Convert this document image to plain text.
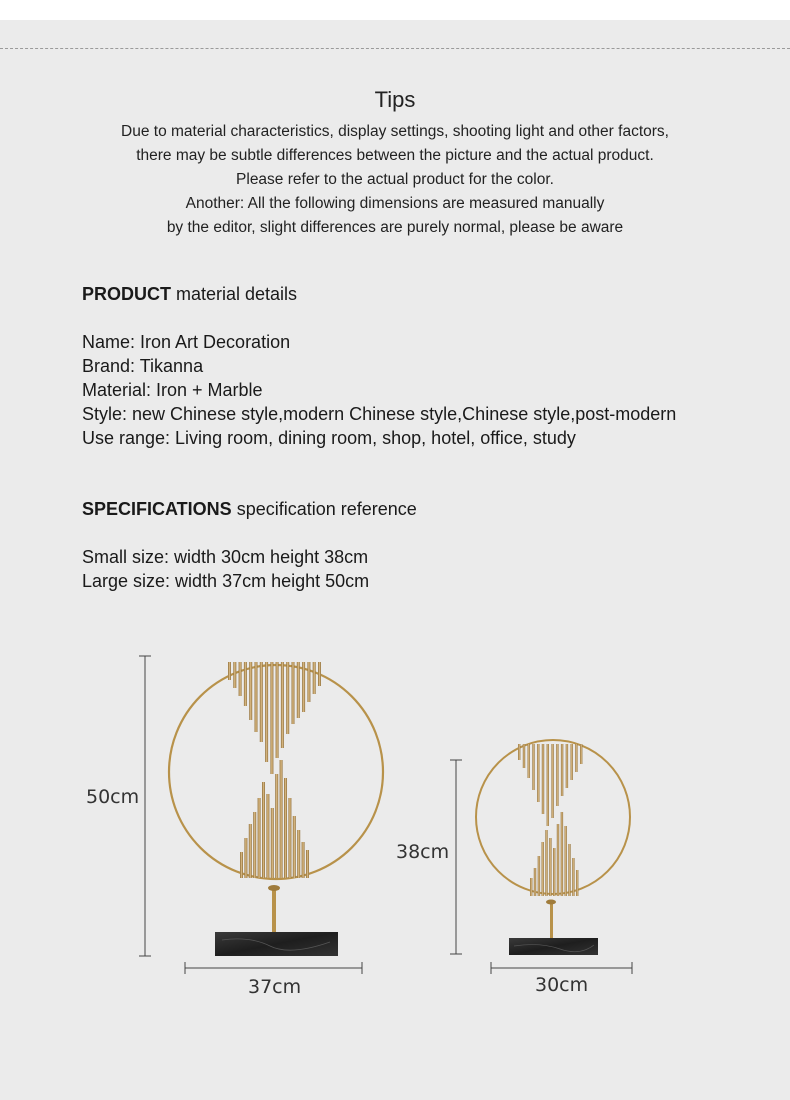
Tips
Due to material characteristics, display settings, shooting light and other factors,
there may be subtle differences between the picture and the actual product.
Please refer to the actual product for the color.
Another: All the following dimensions are measured manually
by the editor, slight differences are purely normal, please be aware
PRODUCT material details
Name: Iron Art Decoration
Brand: Tikanna
Material: Iron + Marble
Style: new Chinese style,modern Chinese style,Chinese style,post-modern
Use range: Living room, dining room, shop, hotel, office, study
SPECIFICATIONS specification reference
Small size: width 30cm height 38cm
Large size: width 37cm height 50cm
50cm
37cm
38cm
30cm
